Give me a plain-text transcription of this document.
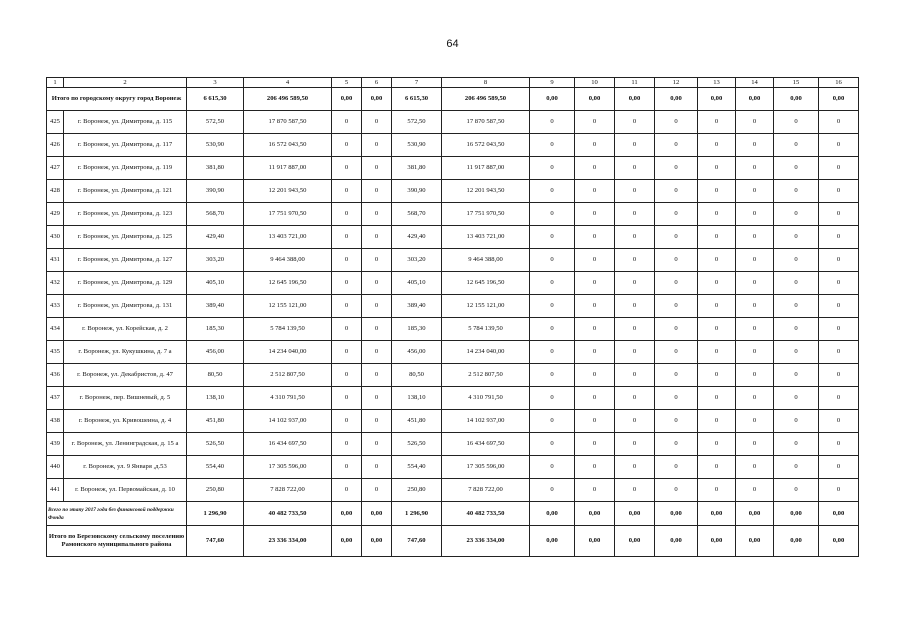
64
1	2	3	4	5	6	7	8	9	10	11	12	13	14	15	16
Итого по городскому округу город Воронеж		6 615,30	206 496 589,50	0,00	0,00	6 615,30	206 496 589,50	0,00	0,00	0,00	0,00	0,00	0,00	0,00	0,00
425	г. Воронеж, ул. Димитрова, д. 115	572,50	17 870 587,50	0	0	572,50	17 870 587,50	0	0	0	0	0	0	0	0
426	г. Воронеж, ул. Димитрова, д. 117	530,90	16 572 043,50	0	0	530,90	16 572 043,50	0	0	0	0	0	0	0	0
427	г. Воронеж, ул. Димитрова, д. 119	381,80	11 917 887,00	0	0	381,80	11 917 887,00	0	0	0	0	0	0	0	0
428	г. Воронеж, ул. Димитрова, д. 121	390,90	12 201 943,50	0	0	390,90	12 201 943,50	0	0	0	0	0	0	0	0
429	г. Воронеж, ул. Димитрова, д. 123	568,70	17 751 970,50	0	0	568,70	17 751 970,50	0	0	0	0	0	0	0	0
430	г. Воронеж, ул. Димитрова, д. 125	429,40	13 403 721,00	0	0	429,40	13 403 721,00	0	0	0	0	0	0	0	0
431	г. Воронеж, ул. Димитрова, д. 127	303,20	9 464 388,00	0	0	303,20	9 464 388,00	0	0	0	0	0	0	0	0
432	г. Воронеж, ул. Димитрова, д. 129	405,10	12 645 196,50	0	0	405,10	12 645 196,50	0	0	0	0	0	0	0	0
433	г. Воронеж, ул. Димитрова, д. 131	389,40	12 155 121,00	0	0	389,40	12 155 121,00	0	0	0	0	0	0	0	0
434	г. Воронеж, ул. Корейская, д. 2	185,30	5 784 139,50	0	0	185,30	5 784 139,50	0	0	0	0	0	0	0	0
435	г. Воронеж, ул. Кукушкина, д. 7 а	456,00	14 234 040,00	0	0	456,00	14 234 040,00	0	0	0	0	0	0	0	0
436	г. Воронеж, ул. Декабристов, д. 47	80,50	2 512 807,50	0	0	80,50	2 512 807,50	0	0	0	0	0	0	0	0
437	г. Воронеж, пер. Вишневый, д. 5	138,10	4 310 791,50	0	0	138,10	4 310 791,50	0	0	0	0	0	0	0	0
438	г. Воронеж, ул. Кривошеина, д. 4	451,80	14 102 937,00	0	0	451,80	14 102 937,00	0	0	0	0	0	0	0	0
439	г. Воронеж, ул. Ленинградская, д. 15 а	526,50	16 434 697,50	0	0	526,50	16 434 697,50	0	0	0	0	0	0	0	0
440	г. Воронеж, ул. 9 Января ,д.53	554,40	17 305 596,00	0	0	554,40	17 305 596,00	0	0	0	0	0	0	0	0
441	г. Воронеж, ул. Первомайская, д. 10	250,80	7 828 722,00	0	0	250,80	7 828 722,00	0	0	0	0	0	0	0	0
Всего по этапу 2017 года без финансовой поддержки Фонда		1 296,90	40 482 733,50	0,00	0,00	1 296,90	40 482 733,50	0,00	0,00	0,00	0,00	0,00	0,00	0,00	0,00
Итого по Березовскому сельскому поселению Рамонского муниципального района		747,60	23 336 334,00	0,00	0,00	747,60	23 336 334,00	0,00	0,00	0,00	0,00	0,00	0,00	0,00	0,00
